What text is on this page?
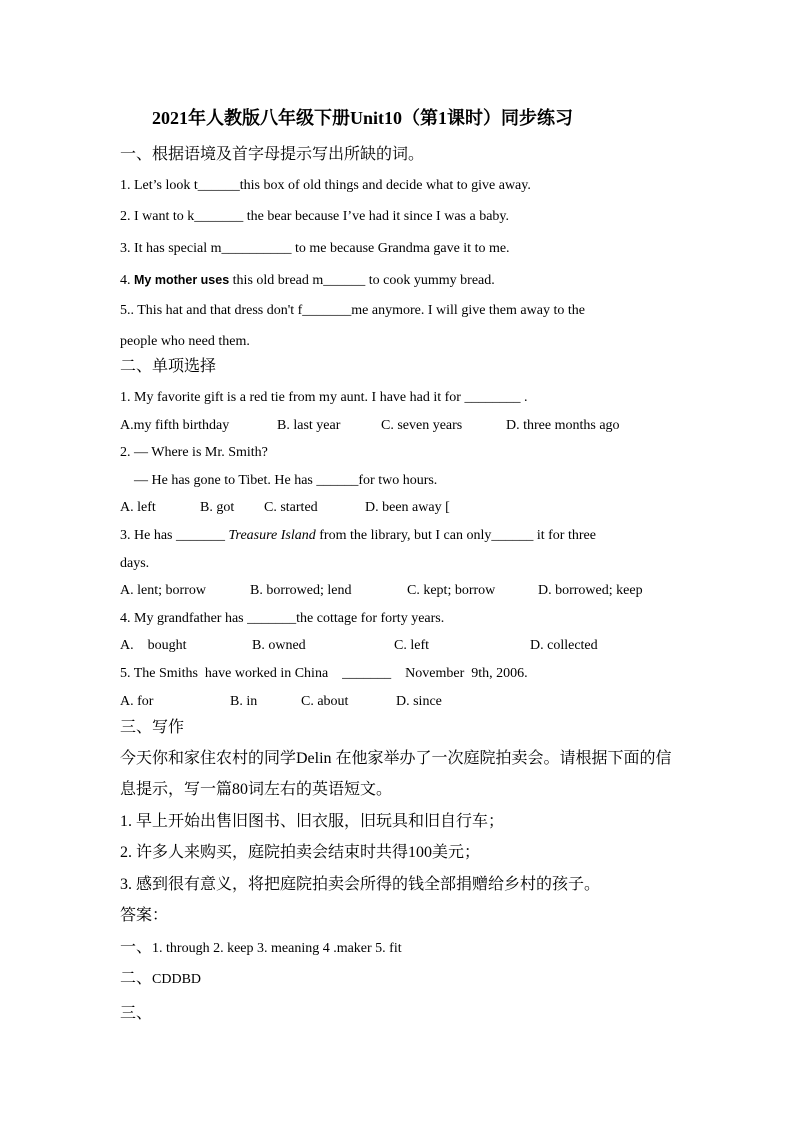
2021年人教版八年级下册Unit10（第1课时）同步练习
一、根据语境及首字母提示写出所缺的词。
1. Let’s look t______this box of old things and decide what to give away.
2. I want to k_______ the bear because I’ve had it since I was a baby.
3. It has special m__________ to me because Grandma gave it to me.
4. My mother uses this old bread m______ to cook yummy bread.
5.. This hat and that dress don't f_______me anymore. I will give them away to the
people who need them.
二、单项选择
1. My favorite gift is a red tie from my aunt. I have had it for ________ .
A.my fifth birthday	B. last year	C. seven years	D. three months ago
2. — Where is Mr. Smith?
— He has gone to Tibet. He has ______for two hours.
A. left	B. got C. started	D. been away [
3. He has _______ Treasure Island from the library, but I can only______ it for three
days.
A. lent; borrow	B. borrowed; lend	C. kept; borrow	D. borrowed; keep
4. My grandfather has _______the cottage for forty years.
A.    bought	B. owned	C. left	D. collected
5. The Smiths  have worked in China    _______    November  9th, 2006.
A. for	B. in	C. about	D. since
三、写作
今天你和家住农村的同学Delin 在他家举办了一次庭院拍卖会。请根据下面的信
息提示，写一篇80词左右的英语短文。
1. 早上开始出售旧图书、旧衣服，旧玩具和旧自行车；
2. 许多人来购买，庭院拍卖会结束时共得100美元；
3. 感到很有意义，将把庭院拍卖会所得的钱全部捐赠给乡村的孩子。
答案：
一、1. through 2. keep 3. meaning 4 .maker 5. fit
二、CDDBD
三、
